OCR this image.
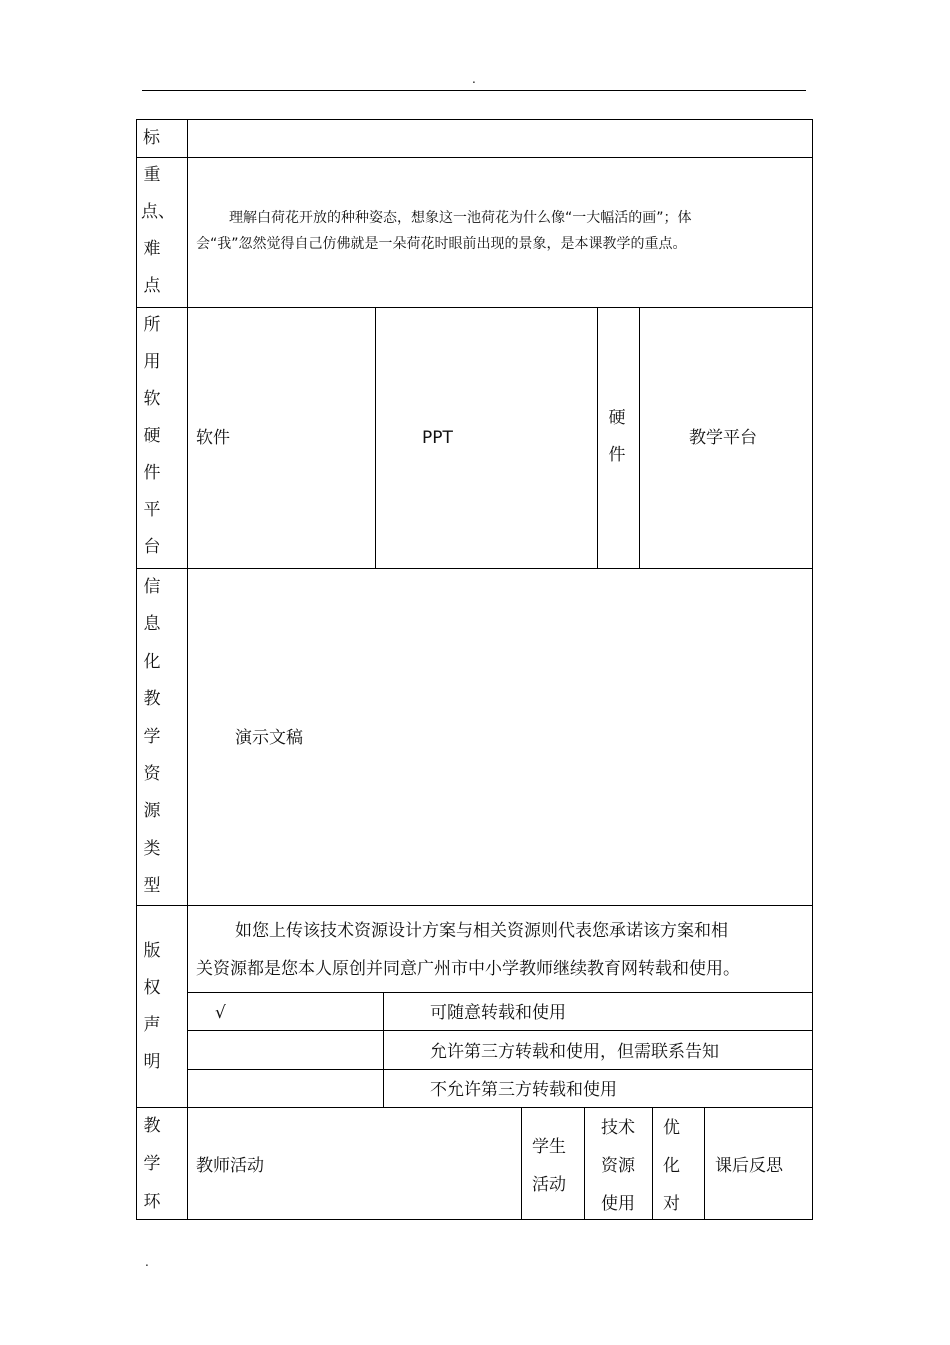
.
标
重
点、
难
点
理解白荷花开放的种种姿态，想象这一池荷花为什么像“一大幅活的画”；体
会“我”忽然觉得自己仿佛就是一朵荷花时眼前出现的景象，是本课教学的重点。
所
用
软
硬
件
平
台
软件	PPT
硬
件
教学平台
信
息
化
教
学
资
源
类
型
演示文稿
版
权
声
明
如您上传该技术资源设计方案与相关资源则代表您承诺该方案和相
关资源都是您本人原创并同意广州市中小学教师继续教育网转载和使用。
√	可随意转载和使用
允许第三方转载和使用，但需联系告知
不允许第三方转载和使用
教
学
环
教师活动
学生
活动
技术
资源
使用
优
化
对
课后反思
.
